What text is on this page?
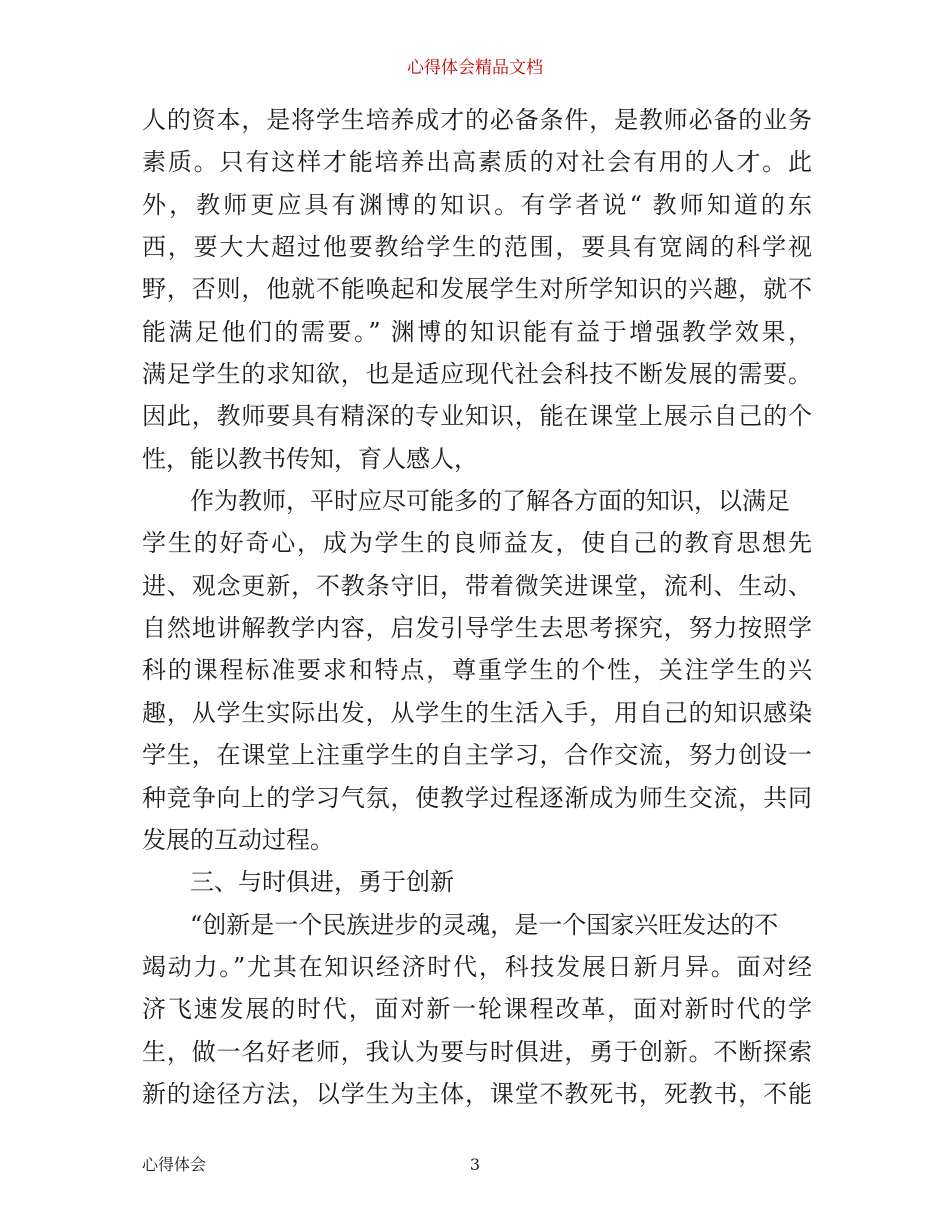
心得体会精品文档
人的资本，是将学生培养成才的必备条件，是教师必备的业务
素质。只有这样才能培养出高素质的对社会有用的人才。此
外，教师更应具有渊博的知识。有学者说“ 教师知道的东
西，要大大超过他要教给学生的范围，要具有宽阔的科学视
野，否则，他就不能唤起和发展学生对所学知识的兴趣，就不
能满足他们的需要。” 渊博的知识能有益于增强教学效果，
满足学生的求知欲，也是适应现代社会科技不断发展的需要。
因此，教师要具有精深的专业知识，能在课堂上展示自己的个
性，能以教书传知，育人感人，
　　作为教师，平时应尽可能多的了解各方面的知识，以满足
学生的好奇心，成为学生的良师益友，使自己的教育思想先
进、观念更新，不教条守旧，带着微笑进课堂，流利、生动、
自然地讲解教学内容，启发引导学生去思考探究，努力按照学
科的课程标准要求和特点，尊重学生的个性，关注学生的兴
趣，从学生实际出发，从学生的生活入手，用自己的知识感染
学生，在课堂上注重学生的自主学习，合作交流，努力创设一
种竞争向上的学习气氛，使教学过程逐渐成为师生交流，共同
发展的互动过程。
　　三、与时俱进，勇于创新
　　“创新是一个民族进步的灵魂，是一个国家兴旺发达的不
竭动力。”尤其在知识经济时代，科技发展日新月异。面对经
济飞速发展的时代，面对新一轮课程改革，面对新时代的学
生，做一名好老师，我认为要与时俱进，勇于创新。不断探索
新的途径方法，以学生为主体，课堂不教死书，死教书，不能
心得体会	3
